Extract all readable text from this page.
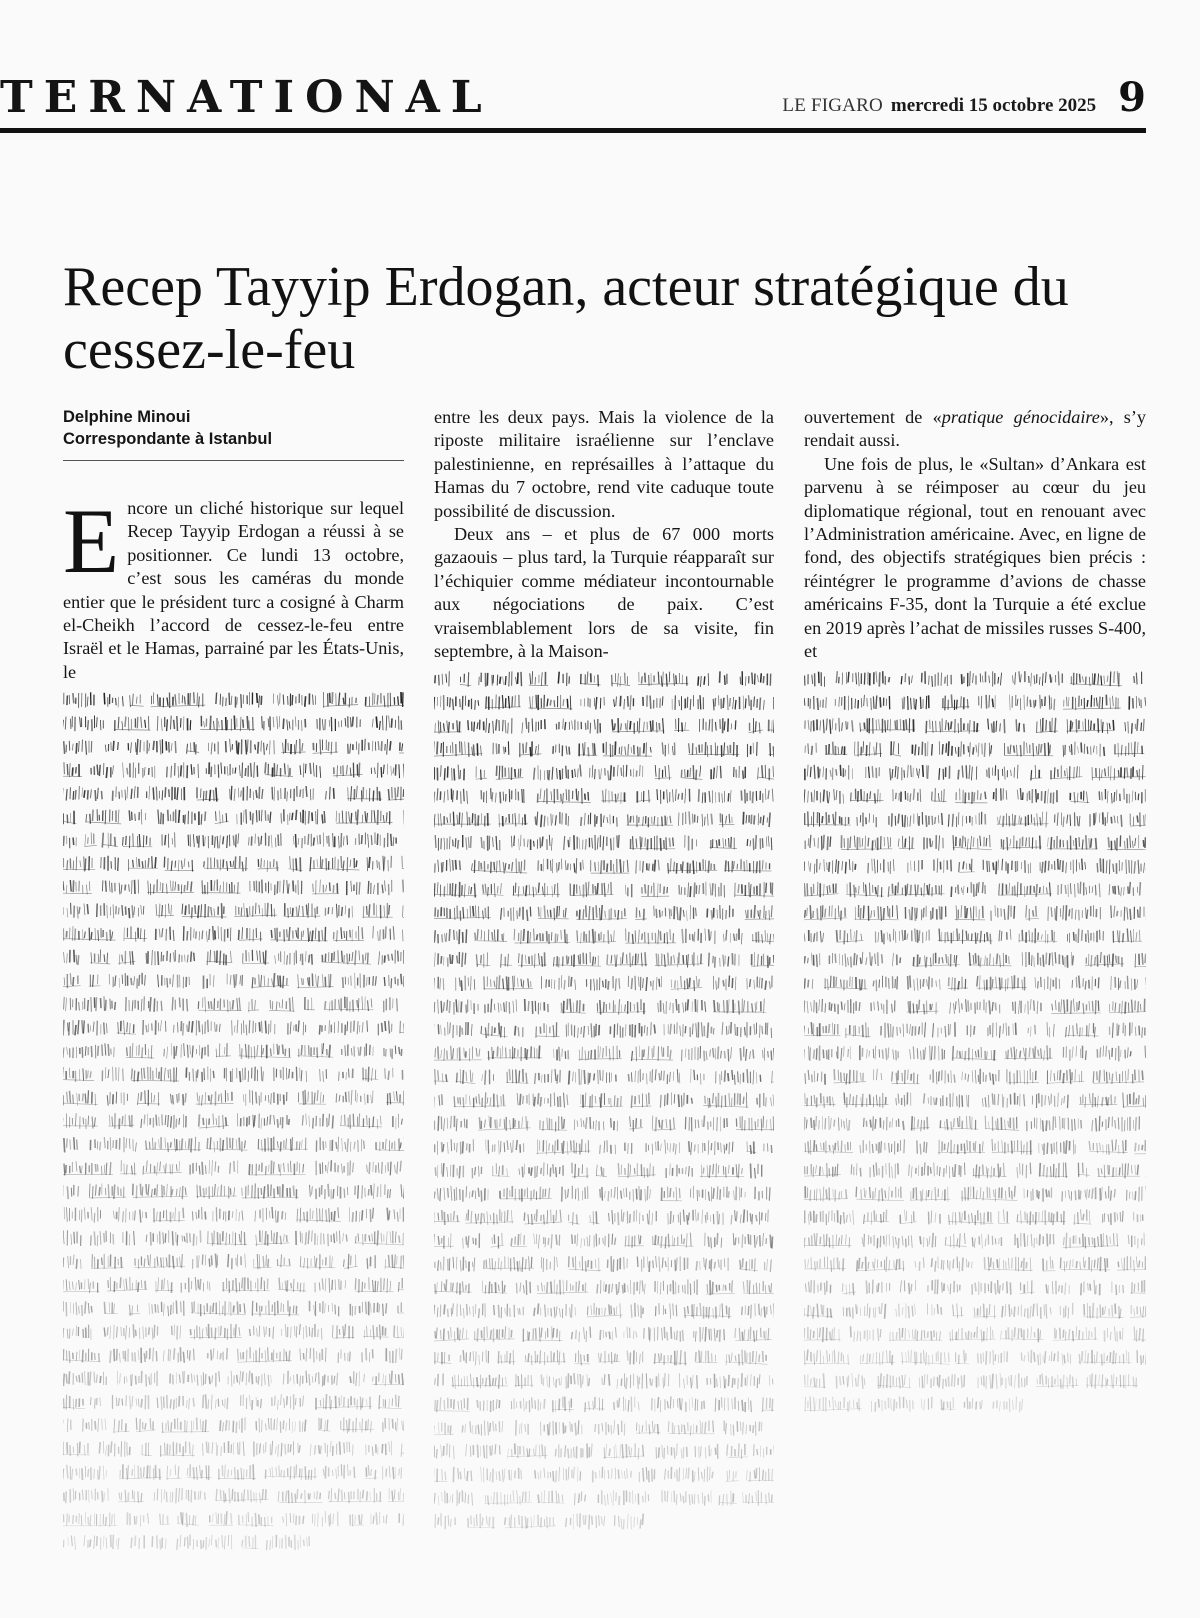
TERNATIONAL	LE FIGARO mercredi 15 octobre 2025 9
Recep Tayyip Erdogan, acteur stratégique du cessez-le-feu
Delphine Minoui
Correspondante à Istanbul

Encore un cliché historique sur lequel Recep Tayyip Erdogan a réussi à se positionner. Ce lundi 13 octobre, c’est sous les caméras du monde entier que le président turc a cosigné à Charm el-Cheikh l’accord de cessez-le-feu entre Israël et le Hamas, parrainé par les États-Unis, le

entre les deux pays. Mais la violence de la riposte militaire israélienne sur l’enclave palestinienne, en représailles à l’attaque du Hamas du 7 octobre, rend vite caduque toute possibilité de discussion.

Deux ans – et plus de 67 000 morts gazaouis – plus tard, la Turquie réapparaît sur l’échiquier comme médiateur incontournable aux négociations de paix. C’est vraisemblablement lors de sa visite, fin septembre, à la Maison-

ouvertement de «pratique génocidaire», s’y rendait aussi.

Une fois de plus, le «Sultan» d’Ankara est parvenu à se réimposer au cœur du jeu diplomatique régional, tout en renouant avec l’Administration américaine. Avec, en ligne de fond, des objectifs stratégiques bien précis : réintégrer le programme d’avions de chasse américains F-35, dont la Turquie a été exclue en 2019 après l’achat de missiles russes S-400, et
